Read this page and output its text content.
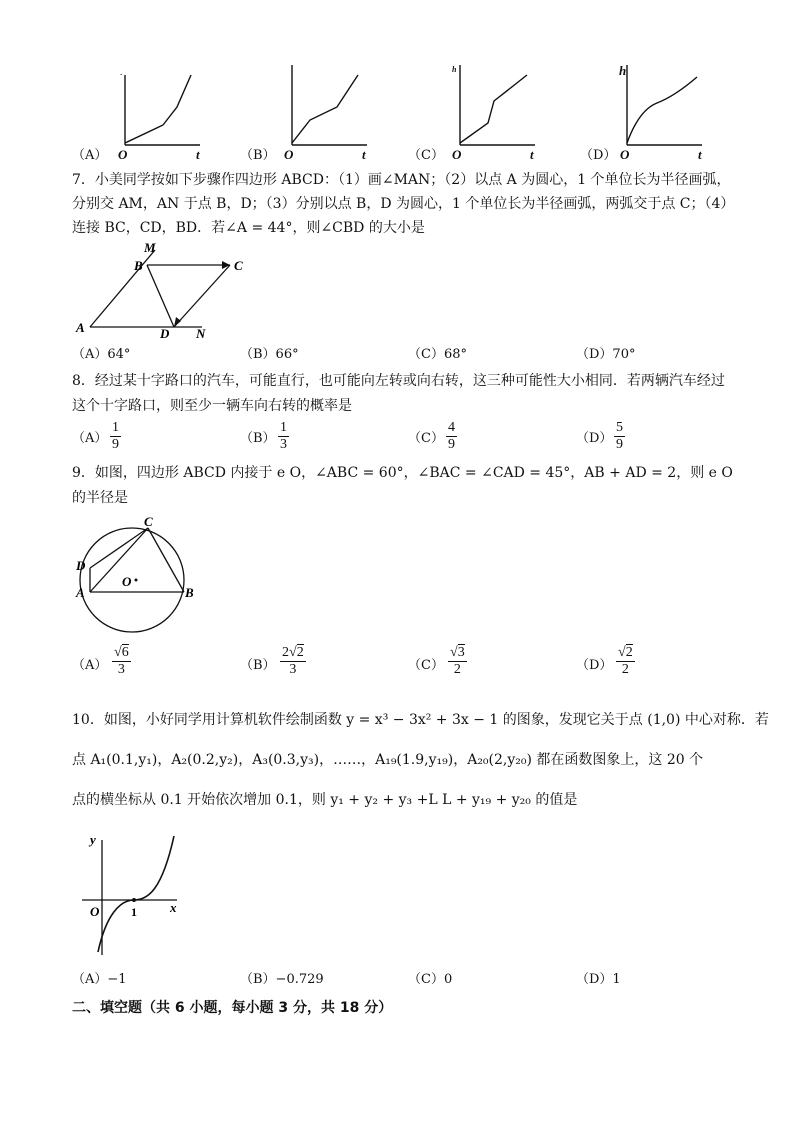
.
（A） O	t	（B） O	t	（C） O	t
h
（D） O	t
h
7．小美同学按如下步骤作四边形 ABCD：（1）画∠MAN；（2）以点 A 为圆心，1 个单位长为半径画弧，
分别交 AM，AN 于点 B，D；（3）分别以点 B，D 为圆心，1 个单位长为半径画弧，两弧交于点 C；（4）
连接 BC，CD，BD．若∠A = 44°，则∠CBD 的大小是
M
B	C
A	D N
（A）64°	（B）66°	（C）68°	（D）70°
8．经过某十字路口的汽车，可能直行，也可能向左转或向右转，这三种可能性大小相同．若两辆汽车经过
这个十字路口，则至少一辆车向右转的概率是
$(A) \frac{1}{9}$	$(B) \frac{1}{3}$	$(C) \frac{4}{9}$	$(D) \frac{5}{9}$
9．如图，四边形 ABCD 内接于 e O，∠ABC = 60°，∠BAC = ∠CAD = 45°，AB + AD = 2，则 e O
的半径是
C
D
O
A	B
$(A) \frac{√6}{3}$	$(B) \frac{2√2}{3}$	$(C) \frac{√3}{2}$	$(D) \frac{√2}{2}$
10．如图，小好同学用计算机软件绘制函数 y = x³ − 3x² + 3x − 1 的图象，发现它关于点 (1,0) 中心对称．若
点 A₁(0.1,y₁)，A₂(0.2,y₂)，A₃(0.3,y₃)，……，A₁₉(1.9,y₁₉)，A₂₀(2,y₂₀) 都在函数图象上，这 20 个
点的横坐标从 0.1 开始依次增加 0.1，则 y₁ + y₂ + y₃ +L L + y₁₉ + y₂₀ 的值是
y
O	1	x
（A）−1	（B）−0.729	（C）0	（D）1
二、填空题（共 6 小题，每小题 3 分，共 18 分）
